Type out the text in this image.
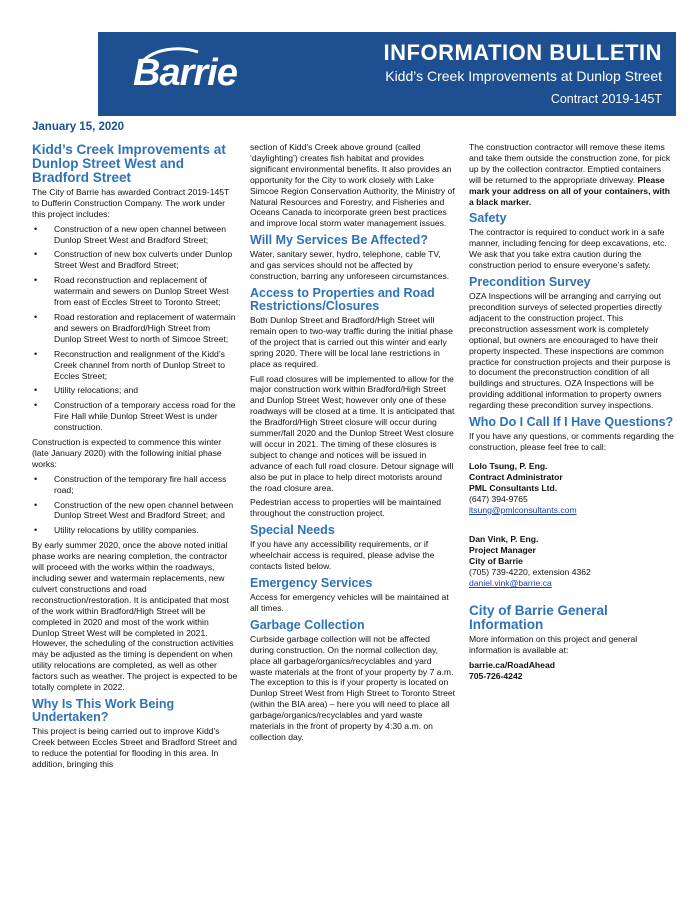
Barrie	INFORMATION BULLETIN
Kidd’s Creek Improvements at Dunlop Street
Contract 2019-145T
January 15, 2020
Kidd’s Creek Improvements at Dunlop Street West and Bradford Street

The City of Barrie has awarded Contract 2019-145T to Dufferin Construction Company. The work under this project includes:

• Construction of a new open channel between Dunlop Street West and Bradford Street;
• Construction of new box culverts under Dunlop Street West and Bradford Street;
• Road reconstruction and replacement of watermain and sewers on Dunlop Street West from east of Eccles Street to Toronto Street;
• Road restoration and replacement of watermain and sewers on Bradford/High Street from Dunlop Street West to north of Simcoe Street;
• Reconstruction and realignment of the Kidd’s Creek channel from north of Dunlop Street to Eccles Street;
• Utility relocations; and
• Construction of a temporary access road for the Fire Hall while Dunlop Street West is under construction.

Construction is expected to commence this winter (late January 2020) with the following initial phase works:

• Construction of the temporary fire hall access road;
• Construction of the new open channel between Dunlop Street West and Bradford Street; and
• Utility relocations by utility companies.

By early summer 2020, once the above noted initial phase works are nearing completion, the contractor will proceed with the works within the roadways, including sewer and watermain replacements, new culvert constructions and road reconstruction/restoration. It is anticipated that most of the work within Bradford/High Street will be completed in 2020 and most of the work within Dunlop Street West will be completed in 2021. However, the scheduling of the construction activities may be adjusted as the timing is dependent on when utility relocations are completed, as well as other factors such as weather. The project is expected to be totally complete in 2022.

Why Is This Work Being Undertaken?

This project is being carried out to improve Kidd’s Creek between Eccles Street and Bradford Street and to reduce the potential for flooding in this area. In addition, bringing this

section of Kidd’s Creek above ground (called ‘daylighting’) creates fish habitat and provides significant environmental benefits. It also provides an opportunity for the City to work closely with Lake Simcoe Region Conservation Authority, the Ministry of Natural Resources and Forestry, and Fisheries and Oceans Canada to incorporate green best practices and improve local storm water management issues.

Will My Services Be Affected?

Water, sanitary sewer, hydro, telephone, cable TV, and gas services should not be affected by construction, barring any unforeseen circumstances.

Access to Properties and Road Restrictions/Closures

Both Dunlop Street and Bradford/High Street will remain open to two-way traffic during the initial phase of the project that is carried out this winter and early spring 2020. There will be local lane restrictions in place as required.

Full road closures will be implemented to allow for the major construction work within Bradford/High Street and Dunlop Street West; however only one of these roadways will be closed at a time. It is anticipated that the Bradford/High Street closure will occur during summer/fall 2020 and the Dunlop Street West closure will occur in 2021. The timing of these closures is subject to change and notices will be issued in advance of each full road closure. Detour signage will also be put in place to help direct motorists around the road closure area.

Pedestrian access to properties will be maintained throughout the construction project.

Special Needs

If you have any accessibility requirements, or if wheelchair access is required, please advise the contacts listed below.

Emergency Services

Access for emergency vehicles will be maintained at all times.

Garbage Collection

Curbside garbage collection will not be affected during construction. On the normal collection day, place all garbage/organics/recyclables and yard waste materials at the front of your property by 7 a.m. The exception to this is if your property is located on Dunlop Street West from High Street to Toronto Street (within the BIA area) – here you will need to place all garbage/organics/recyclables and yard waste materials in the front of property by 4:30 a.m. on collection day.

The construction contractor will remove these items and take them outside the construction zone, for pick up by the collection contractor. Emptied containers will be returned to the appropriate driveway. Please mark your address on all of your containers, with a black marker.

Safety

The contractor is required to conduct work in a safe manner, including fencing for deep excavations, etc. We ask that you take extra caution during the construction period to ensure everyone’s safety.

Precondition Survey

OZA Inspections will be arranging and carrying out precondition surveys of selected properties directly adjacent to the construction project. This preconstruction assessment work is completely optional, but owners are encouraged to have their property inspected. These inspections are common practice for construction projects and their purpose is to document the preconstruction condition of all buildings and structures. OZA Inspections will be providing additional information to property owners regarding these precondition survey inspections.

Who Do I Call If I Have Questions?

If you have any questions, or comments regarding the construction, please feel free to call:

Lolo Tsung, P. Eng.
Contract Administrator
PML Consultants Ltd.
(647) 394-9765
ltsung@pmlconsultants.com
Dan Vink, P. Eng.
Project Manager
City of Barrie
(705) 739-4220, extension 4362
daniel.vink@barrie.ca
City of Barrie General Information

More information on this project and general information is available at:

barrie.ca/RoadAhead
705-726-4242
